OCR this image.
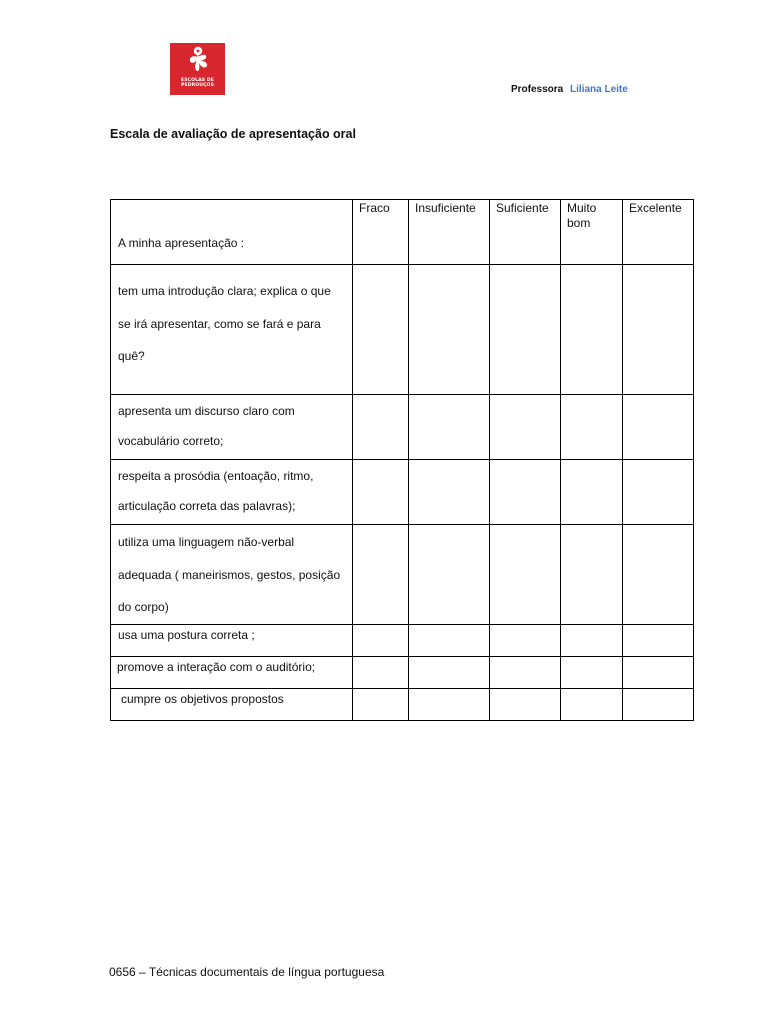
ESCOLAS DE
PEDROUÇOS	Professora Liliana Leite
Escala de avaliação de apresentação oral
A minha apresentação :	Fraco	Insuficiente	Suficiente	Muito bom	Excelente
tem uma introdução clara; explica o que se irá apresentar, como se fará e para quê?					
apresenta um discurso claro com vocabulário correto;					
respeita a prosódia (entoação, ritmo, articulação correta das palavras);					
utiliza uma linguagem não-verbal adequada ( maneirismos, gestos, posição do corpo)					
usa uma postura correta ;					
promove a interação com o auditório;					
cumpre os objetivos propostos					
0656 – Técnicas documentais de língua portuguesa
